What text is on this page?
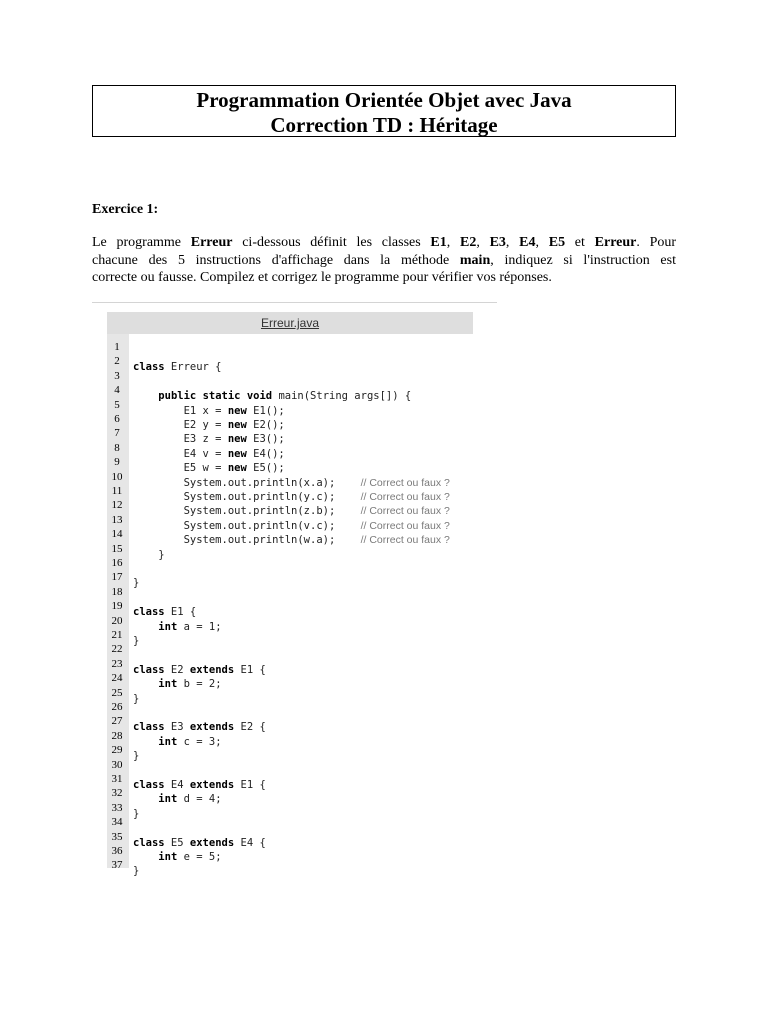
Programmation Orientée Objet avec Java
Correction TD : Héritage
Exercice 1:
Le programme Erreur ci-dessous définit les classes E1, E2, E3, E4, E5 et Erreur. Pour
chacune des 5 instructions d'affichage dans la méthode main, indiquez si l'instruction est
correcte ou fausse. Compilez et corrigez le programme pour vérifier vos réponses.
Erreur.java
1
2
3
4
5
6
7
8
9
10
11
12
13
14
15
16
17
18
19
20
21
22
23
24
25
26
27
28
29
30
31
32
33
34
35
36
37
class Erreur {
public static void main(String args[]) {
E1 x = new E1();
E2 y = new E2();
E3 z = new E3();
E4 v = new E4();
E5 w = new E5();
System.out.println(x.a);    // Correct ou faux ?
System.out.println(y.c);    // Correct ou faux ?
System.out.println(z.b);    // Correct ou faux ?
System.out.println(v.c);    // Correct ou faux ?
System.out.println(w.a);    // Correct ou faux ?
}
}
class E1 {
int a = 1;
}
class E2 extends E1 {
int b = 2;
}
class E3 extends E2 {
int c = 3;
}
class E4 extends E1 {
int d = 4;
}
class E5 extends E4 {
int e = 5;
}
